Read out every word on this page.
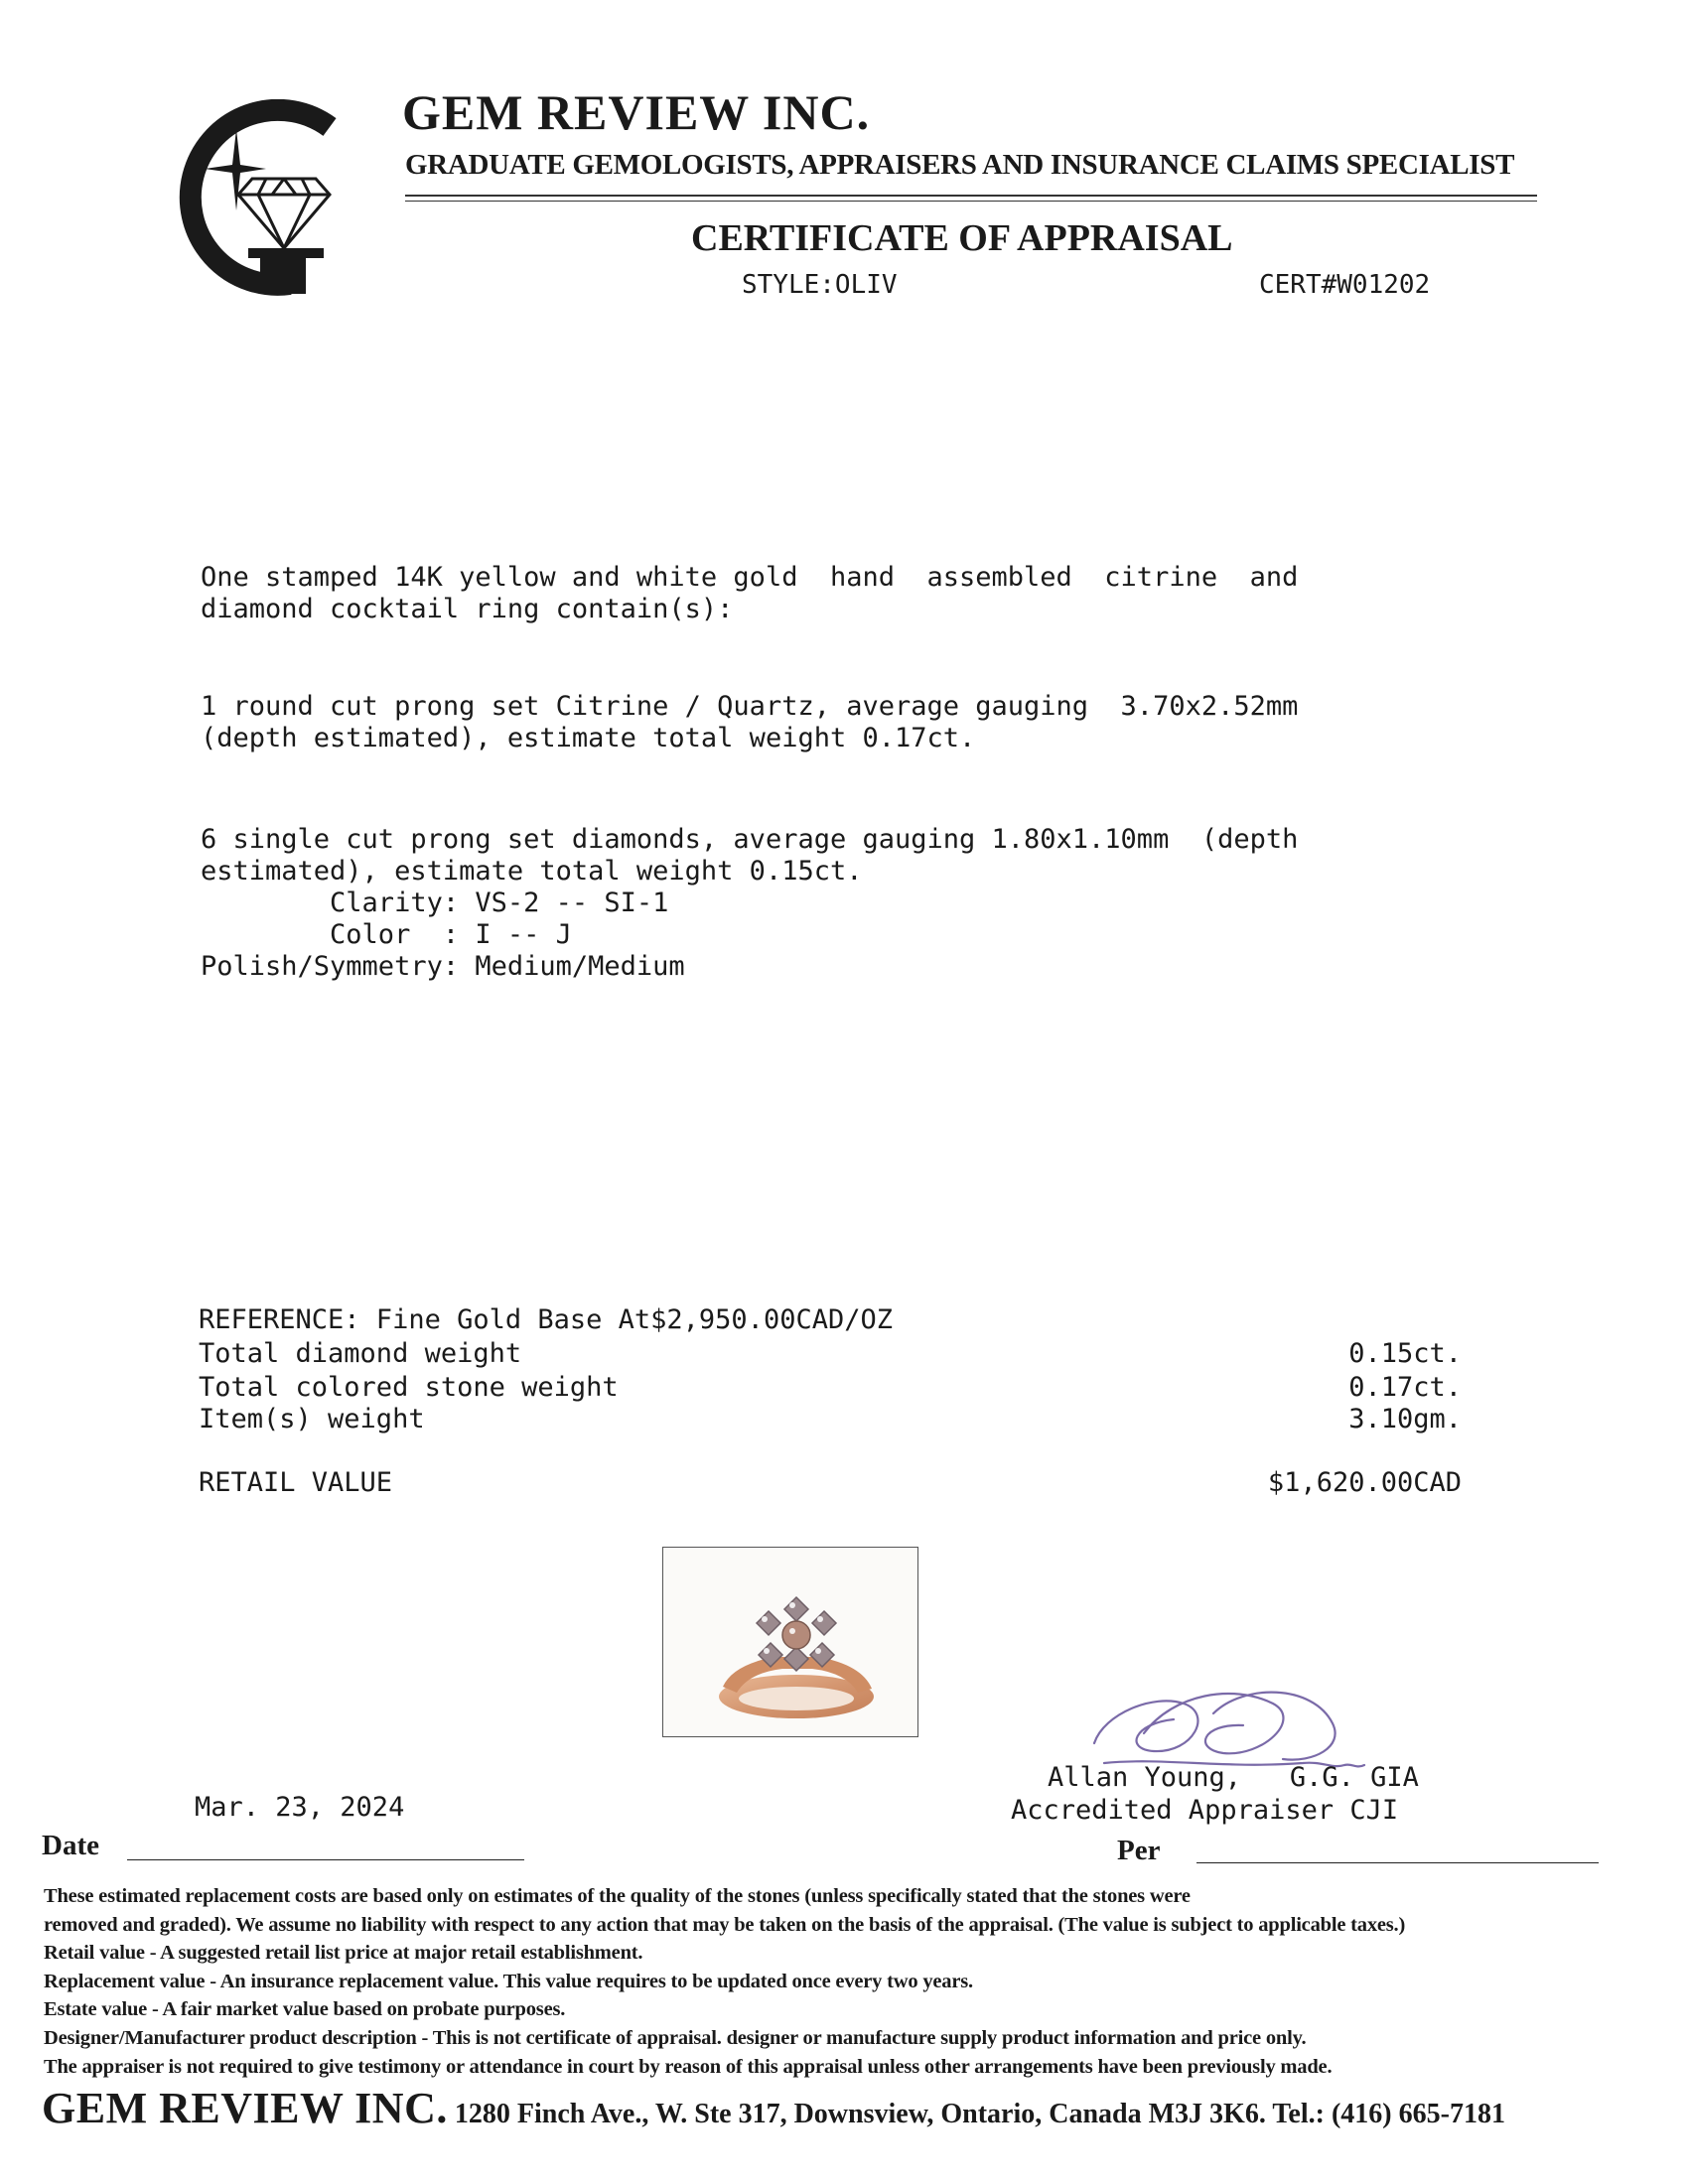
GEM REVIEW INC.
GRADUATE GEMOLOGISTS, APPRAISERS AND INSURANCE CLAIMS SPECIALIST
CERTIFICATE OF APPRAISAL
STYLE:OLIV	CERT#W01202
One stamped 14K yellow and white gold  hand  assembled  citrine  and
diamond cocktail ring contain(s):
1 round cut prong set Citrine / Quartz, average gauging  3.70x2.52mm
(depth estimated), estimate total weight 0.17ct.
6 single cut prong set diamonds, average gauging 1.80x1.10mm  (depth
estimated), estimate total weight 0.15ct.
Clarity: VS-2 -- SI-1
Color  : I -- J
Polish/Symmetry: Medium/Medium
REFERENCE: Fine Gold Base At$2,950.00CAD/OZ
Total diamond weight	0.15ct.
Total colored stone weight	0.17ct.
Item(s) weight	3.10gm.
RETAIL VALUE	$1,620.00CAD
Allan Young,   G.G. GIA
Accredited Appraiser CJI
Mar. 23, 2024
Date	Per
These estimated replacement costs are based only on estimates of the quality of the stones (unless specifically stated that the stones were
removed and graded). We assume no liability with respect to any action that may be taken on the basis of the appraisal. (The value is subject to applicable taxes.)
Retail value - A suggested retail list price at major retail establishment.
Replacement value - An insurance replacement value. This value requires to be updated once every two years.
Estate value - A fair market value based on probate purposes.
Designer/Manufacturer product description - This is not certificate of appraisal. designer or manufacture supply product information and price only.
The appraiser is not required to give testimony or attendance in court by reason of this appraisal unless other arrangements have been previously made.
GEM REVIEW INC. 1280 Finch Ave., W. Ste 317, Downsview, Ontario, Canada M3J 3K6. Tel.: (416) 665-7181
